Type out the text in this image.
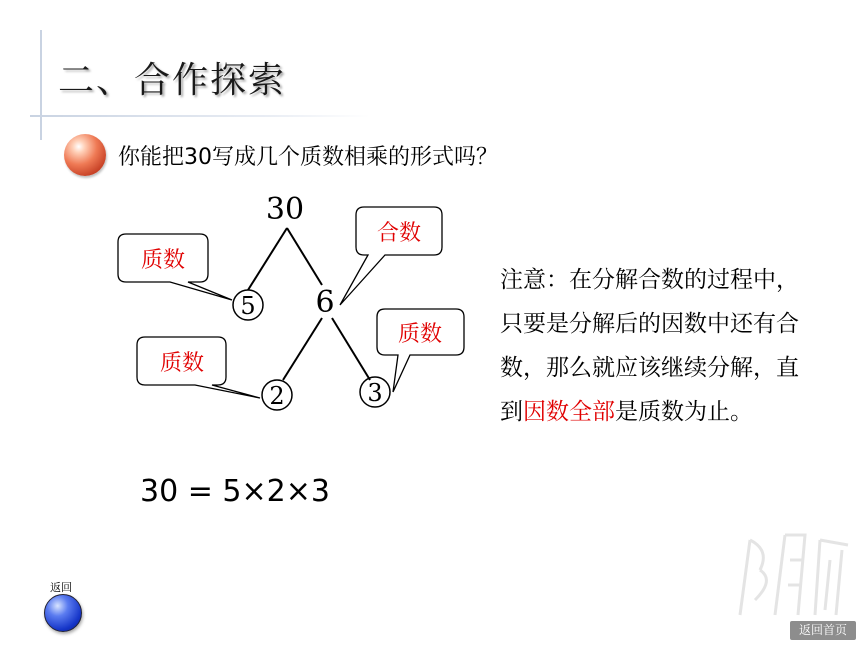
二、合作探索
你能把30写成几个质数相乘的形式吗？
30
6
5
2	3
质数
合数
质数
质数
注意：在分解合数的过程中，只要是分解后的因数中还有合数，那么就应该继续分解，直到因数全部是质数为止。
30 = 5×2×3
返回
返回首页
